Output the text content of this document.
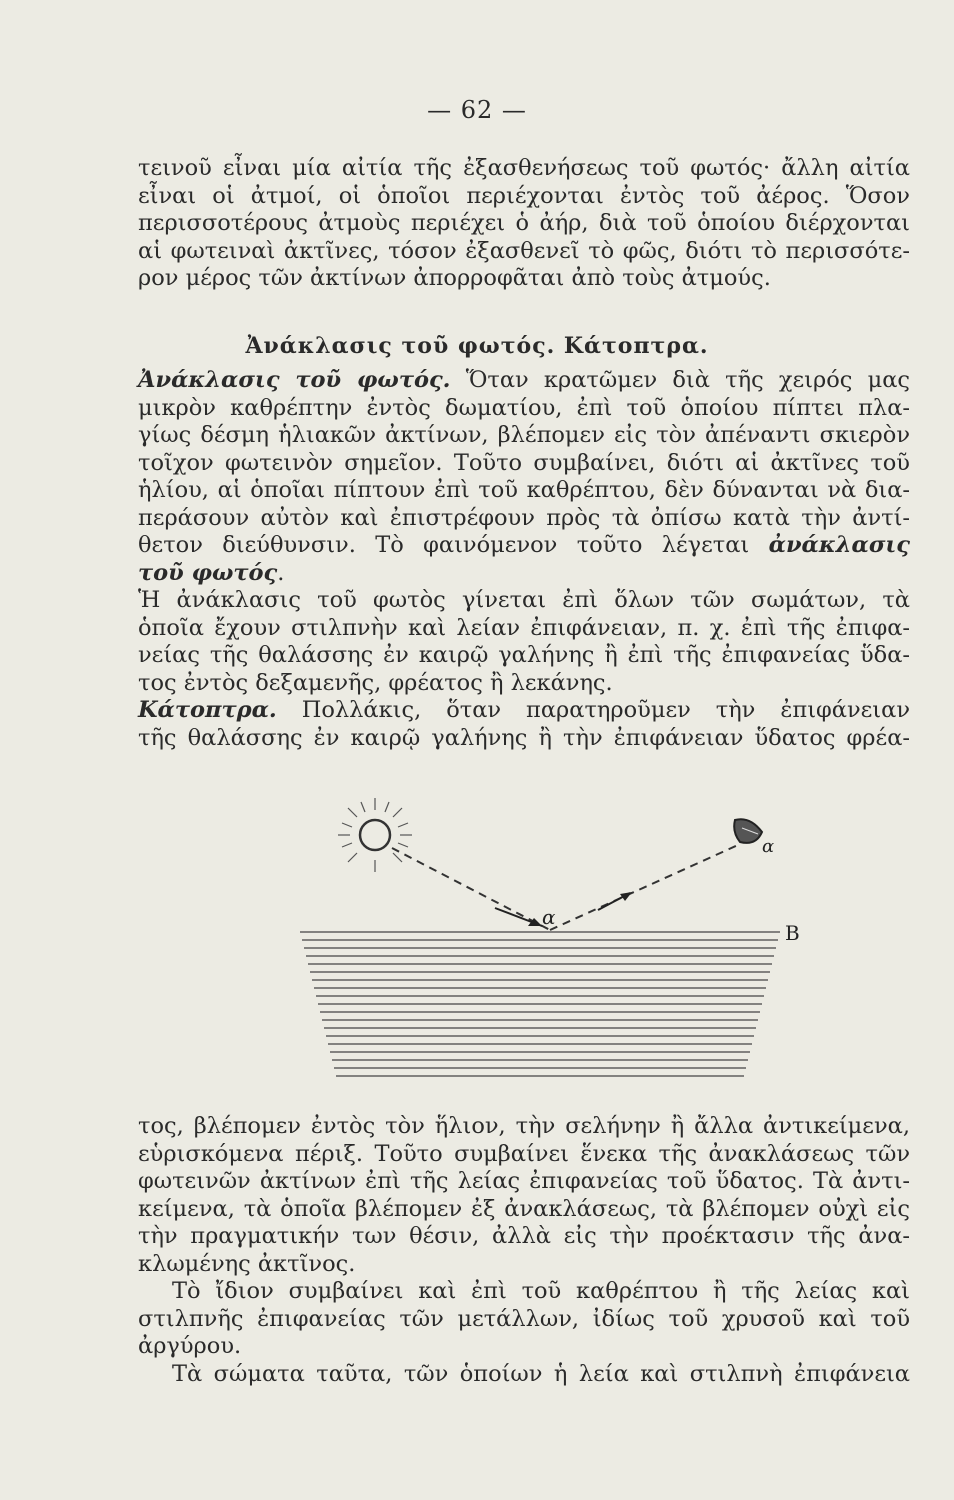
— 62 —
τεινοῦ εἶναι μία αἰτία τῆς ἐξασθενήσεως τοῦ φωτός· ἄλλη αἰτία
εἶναι οἱ ἀτμοί, οἱ ὁποῖοι περιέχονται ἐντὸς τοῦ ἀέρος. Ὅσον
περισσοτέρους ἀτμοὺς περιέχει ὁ ἀήρ, διὰ τοῦ ὁποίου διέρχονται
αἱ φωτειναὶ ἀκτῖνες, τόσον ἐξασθενεῖ τὸ φῶς, διότι τὸ περισσότε-
ρον μέρος τῶν ἀκτίνων ἀπορροφᾶται ἀπὸ τοὺς ἀτμούς.
Ἀνάκλασις τοῦ φωτός. Κάτοπτρα.
Ἀνάκλασις τοῦ φωτός. Ὅταν κρατῶμεν διὰ τῆς χειρός μας
μικρὸν καθρέπτην ἐντὸς δωματίου, ἐπὶ τοῦ ὁποίου πίπτει πλα-
γίως δέσμη ἡλιακῶν ἀκτίνων, βλέπομεν εἰς τὸν ἀπέναντι σκιερὸν
τοῖχον φωτεινὸν σημεῖον. Τοῦτο συμβαίνει, διότι αἱ ἀκτῖνες τοῦ
ἡλίου, αἱ ὁποῖαι πίπτουν ἐπὶ τοῦ καθρέπτου, δὲν δύνανται νὰ δια-
περάσουν αὐτὸν καὶ ἐπιστρέφουν πρὸς τὰ ὀπίσω κατὰ τὴν ἀντί-
θετον διεύθυνσιν. Τὸ φαινόμενον τοῦτο λέγεται ἀνάκλασις
τοῦ φωτός.
Ἡ ἀνάκλασις τοῦ φωτὸς γίνεται ἐπὶ ὅλων τῶν σωμάτων, τὰ
ὁποῖα ἔχουν στιλπνὴν καὶ λείαν ἐπιφάνειαν, π. χ. ἐπὶ τῆς ἐπιφα-
νείας τῆς θαλάσσης ἐν καιρῷ γαλήνης ἢ ἐπὶ τῆς ἐπιφανείας ὕδα-
τος ἐντὸς δεξαμενῆς, φρέατος ἢ λεκάνης.
Κάτοπτρα. Πολλάκις, ὅταν παρατηροῦμεν τὴν ἐπιφάνειαν
τῆς θαλάσσης ἐν καιρῷ γαλήνης ἢ τὴν ἐπιφάνειαν ὕδατος φρέα-
α
B
α
τος, βλέπομεν ἐντὸς τὸν ἥλιον, τὴν σελήνην ἢ ἄλλα ἀντικείμενα,
εὑρισκόμενα πέριξ. Τοῦτο συμβαίνει ἕνεκα τῆς ἀνακλάσεως τῶν
φωτεινῶν ἀκτίνων ἐπὶ τῆς λείας ἐπιφανείας τοῦ ὕδατος. Τὰ ἀντι-
κείμενα, τὰ ὁποῖα βλέπομεν ἐξ ἀνακλάσεως, τὰ βλέπομεν οὐχὶ εἰς
τὴν πραγματικήν των θέσιν, ἀλλὰ εἰς τὴν προέκτασιν τῆς ἀνα-
κλωμένης ἀκτῖνος.
Τὸ ἴδιον συμβαίνει καὶ ἐπὶ τοῦ καθρέπτου ἢ τῆς λείας καὶ
στιλπνῆς ἐπιφανείας τῶν μετάλλων, ἰδίως τοῦ χρυσοῦ καὶ τοῦ
ἀργύρου.
Τὰ σώματα ταῦτα, τῶν ὁποίων ἡ λεία καὶ στιλπνὴ ἐπιφάνεια
